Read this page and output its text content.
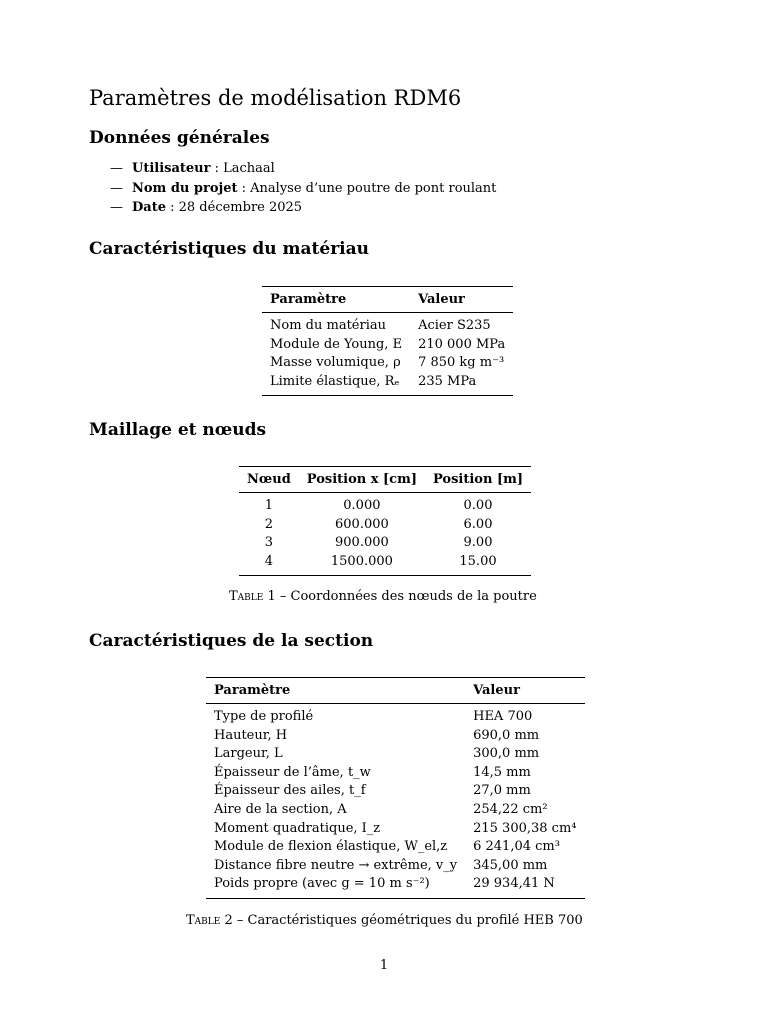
Paramètres de modélisation RDM6
Données générales
— Utilisateur : Lachaal
— Nom du projet : Analyse d’une poutre de pont roulant
— Date : 28 décembre 2025
Caractéristiques du matériau
Paramètre	Valeur
Nom du matériau	Acier S235
Module de Young, E	210 000 MPa
Masse volumique, ρ	7 850 kg m⁻³
Limite élastique, Rₑ	235 MPa
Maillage et nœuds
Nœud	Position x [cm]	Position [m]
1	0.000	0.00
2	600.000	6.00
3	900.000	9.00
4	1500.000	15.00
Table 1 – Coordonnées des nœuds de la poutre
Caractéristiques de la section
Paramètre	Valeur
Type de profilé	HEA 700
Hauteur, H	690,0 mm
Largeur, L	300,0 mm
Épaisseur de l’âme, t_w	14,5 mm
Épaisseur des ailes, t_f	27,0 mm
Aire de la section, A	254,22 cm²
Moment quadratique, I_z	215 300,38 cm⁴
Module de flexion élastique, W_el,z	6 241,04 cm³
Distance fibre neutre → extrême, v_y	345,00 mm
Poids propre (avec g = 10 m s⁻²)	29 934,41 N
Table 2 – Caractéristiques géométriques du profilé HEB 700
1
